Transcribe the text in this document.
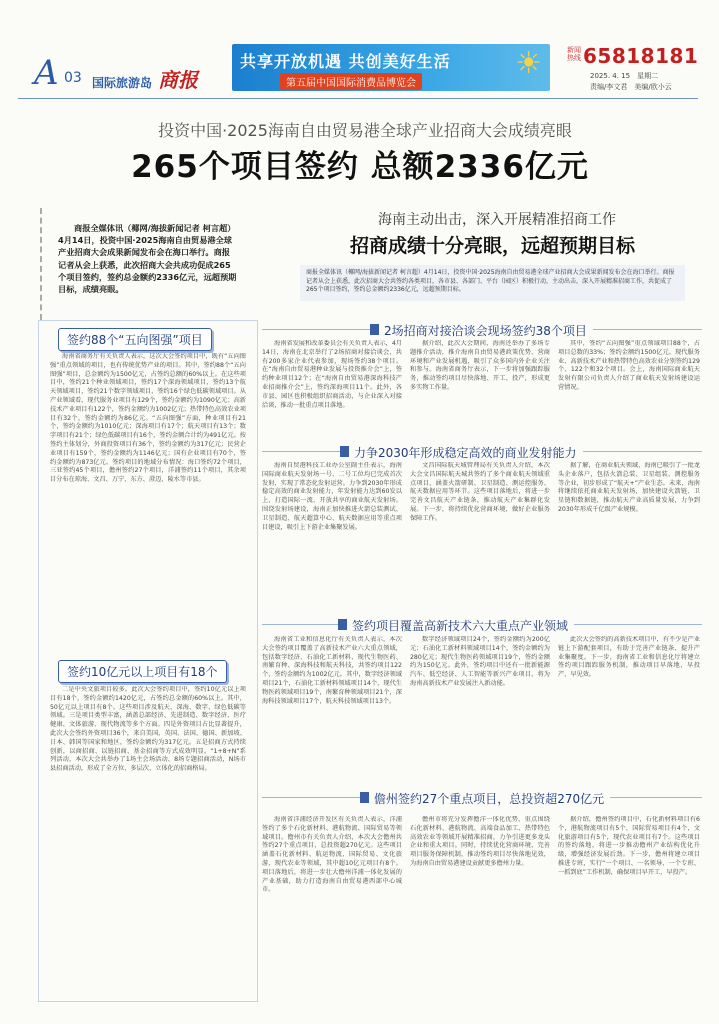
A 03 国际旅游岛 商报
共享开放机遇 共创美好生活
第五届中国国际消费品博览会
☀	新闻热线 65818181
2025. 4. 15　星期二
责编/李文君　美编/欧小云
投资中国·2025海南自由贸易港全球产业招商大会成绩亮眼
265个项目签约 总额2336亿元
商报全媒体讯（椰网/海拔新闻记者 柯言超）4月14日，投资中国·2025海南自由贸易港全球产业招商大会成果新闻发布会在海口举行。商报记者从会上获悉，此次招商大会共成功促成265个项目签约，签约总金额约2336亿元，远超预期目标，成绩亮眼。
海南主动出击，深入开展精准招商工作
招商成绩十分亮眼，远超预期目标
商报全媒体讯（椰网/海拔新闻记者 柯言超）4月14日，投资中国·2025海南自由贸易港全球产业招商大会成果新闻发布会在海口举行。商报记者从会上获悉，此次招商大会共签约各类项目，各市县、各部门、平台（园区）积极行动，主动出击，深入开展精准招商工作，共促成了265个项目签约，签约总金额约2336亿元，远超预期目标。
签约88个“五向图强”项目
海南省商务厅有关负责人表示，这次大会签约项目中，既有“五向图强”重点领域的项目，也有传统优势产业的项目。其中，签约88个“五向图强”项目，总金额约为1500亿元，占签约总额的60%以上。在这些项目中，签约21个种业领域项目，签约17个深海领域项目，签约13个航天领域项目，签约21个数字领域项目，签约16个绿色低碳领域项目。从产业领域看，现代服务业项目有129个，签约金额约为1090亿元；高新技术产业项目有122个，签约金额约为1002亿元；热带特色高效农业项目有32个，签约金额约为86亿元。“五向图强”方面，种业项目有21个，签约金额约为1010亿元；深海项目有17个；航天项目有13个；数字项目有21个；绿色低碳项目有16个，签约金额合计约为491亿元。按签约主体划分，外商投资项目有36个，签约金额约为317亿元；民营企业项目有159个，签约金额约为1146亿元；国有企业项目有70个，签约金额约为873亿元。签约项目的地域分布情况：海口签约72个项目，三亚签约45个项目，儋州签约27个项目，洋浦签约11个项目，其余项目分布在琼海、文昌、万宁、东方、澄迈、陵水等市县。
签约10亿元以上项目有18个
二是中央文旅项目较多。此次大会签约项目中，签约10亿元以上项目有18个，签约金额约1420亿元，占签约总金额的60%以上。其中，50亿元以上项目有8个。这些项目涉及航天、深海、数字、绿色低碳等领域。三是项目类型丰富，涵盖总部经济、先进制造、数字经济、医疗健康、文体旅游、现代物流等多个方面。四是外资项目占比显著提升，此次大会签约外资项目36个，来自美国、英国、法国、德国、新加坡、日本、韩国等国家和地区，签约金额约为317亿元。五是招商方式持续创新，以商招商、以链招商、基金招商等方式成效明显。“1+8+N”系列活动，本次大会共举办了1场主会场活动、8场专题招商活动，N场市县招商活动，形成了全方位、多层次、立体化的招商格局。
2场招商对接洽谈会现场签约38个项目
海南省发展和改革委员会有关负责人表示，4月14日，海南在北京举行了2场招商对接洽谈会，共有200多家企业代表参加，现场签约38个项目。在“海南自由贸易港种业发展与投资推介会”上，签约种业项目12个；在“海南自由贸易港深海科技产业招商推介会”上，签约深海项目11个。此外，各市县、园区也积极组织招商活动，与企业深入对接洽谈，推动一批重点项目落地。
据介绍，此次大会期间，海南还举办了多场专题推介活动，推介海南自由贸易港政策优势、营商环境和产业发展机遇，吸引了众多国内外企业关注和参与。海南省商务厅表示，下一步将加强跟踪服务，推动签约项目尽快落地、开工、投产，形成更多实物工作量。
其中，签约“五向图强”重点领域项目88个，占项目总数的33%；签约金额约1500亿元。现代服务业、高新技术产业和热带特色高效农业分别签约129个、122个和32个项目。会上，海南国际商业航天发射有限公司负责人介绍了商业航天发射场建设运营情况。
力争2030年形成稳定高效的商业发射能力
海南自贸港科技工业办公室副主任表示，海南国际商业航天发射场一号、二号工位均已完成首次发射，实现了常态化发射运营。力争到2030年形成稳定高效的商业发射能力，年发射能力达到60发以上，打造国际一流、开放共享的商业航天发射场。围绕发射场建设，海南正加快推进火箭总装测试、卫星制造、航天超算中心、航天数据应用等重点项目建设，吸引上下游企业集聚发展。
文昌国际航天城管理局有关负责人介绍，本次大会文昌国际航天城共签约了多个商业航天领域重点项目，涵盖火箭研制、卫星制造、测运控服务、航天数据应用等环节。这些项目落地后，将进一步完善文昌航天产业链条，推动航天产业集群化发展。下一步，将持续优化营商环境，做好企业服务保障工作。
据了解，在商业航天领域，海南已吸引了一批龙头企业落户，包括火箭总装、卫星组装、测控服务等企业，初步形成了“航天+”产业生态。未来，海南将继续依托商业航天发射场，加快建设火箭链、卫星链和数据链，推动航天产业高质量发展，力争到2030年形成千亿级产业规模。
签约项目覆盖高新技术六大重点产业领域
海南省工业和信息化厅有关负责人表示，本次大会签约项目覆盖了高新技术产业六大重点领域，包括数字经济、石油化工新材料、现代生物医药、南繁育种、深海科技和航天科技，共签约项目122个，签约金额约为1002亿元。其中，数字经济领域项目21个，石油化工新材料领域项目14个，现代生物医药领域项目19个，南繁育种领域项目21个，深海科技领域项目17个，航天科技领域项目13个。
数字经济领域项目24个，签约金额约为200亿元；石油化工新材料领域项目14个，签约金额约为280亿元；现代生物医药领域项目19个，签约金额约为150亿元。此外，签约项目中还有一批新能源汽车、低空经济、人工智能等新兴产业项目，将为海南高新技术产业发展注入新动能。
此次大会签约的高新技术项目中，有不少是产业链上下游配套项目，有助于完善产业链条、提升产业集聚度。下一步，海南省工业和信息化厅将建立签约项目跟踪服务机制，推动项目早落地、早投产、早见效。
儋州签约27个重点项目，总投资超270亿元
海南省洋浦经济开发区有关负责人表示，洋浦签约了多个石化新材料、港航物流、国际贸易等领域项目。儋州市有关负责人介绍，本次大会儋州共签约27个重点项目，总投资超270亿元。这些项目涵盖石化新材料、航运物流、国际贸易、文化旅游、现代农业等领域，其中超10亿元项目有8个。项目落地后，将进一步壮大儋州洋浦一体化发展的产业基础，助力打造海南自由贸易港西部中心城市。
儋州市将充分发挥儋洋一体化优势，重点围绕石化新材料、港航物流、高端食品加工、热带特色高效农业等领域开展精准招商，力争引进更多龙头企业和重大项目。同时，持续优化营商环境，完善项目服务保障机制，推动签约项目尽快落地见效，为海南自由贸易港建设贡献更多儋州力量。
据介绍，儋州签约项目中，石化新材料项目有6个，港航物流项目有5个，国际贸易项目有4个，文化旅游项目有5个，现代农业项目有7个。这些项目的签约落地，将进一步推动儋州产业结构优化升级，增强经济发展后劲。下一步，儋州将建立项目推进专班，实行“一个项目、一名领导、一个专班、一抓到底”工作机制，确保项目早开工、早投产。
